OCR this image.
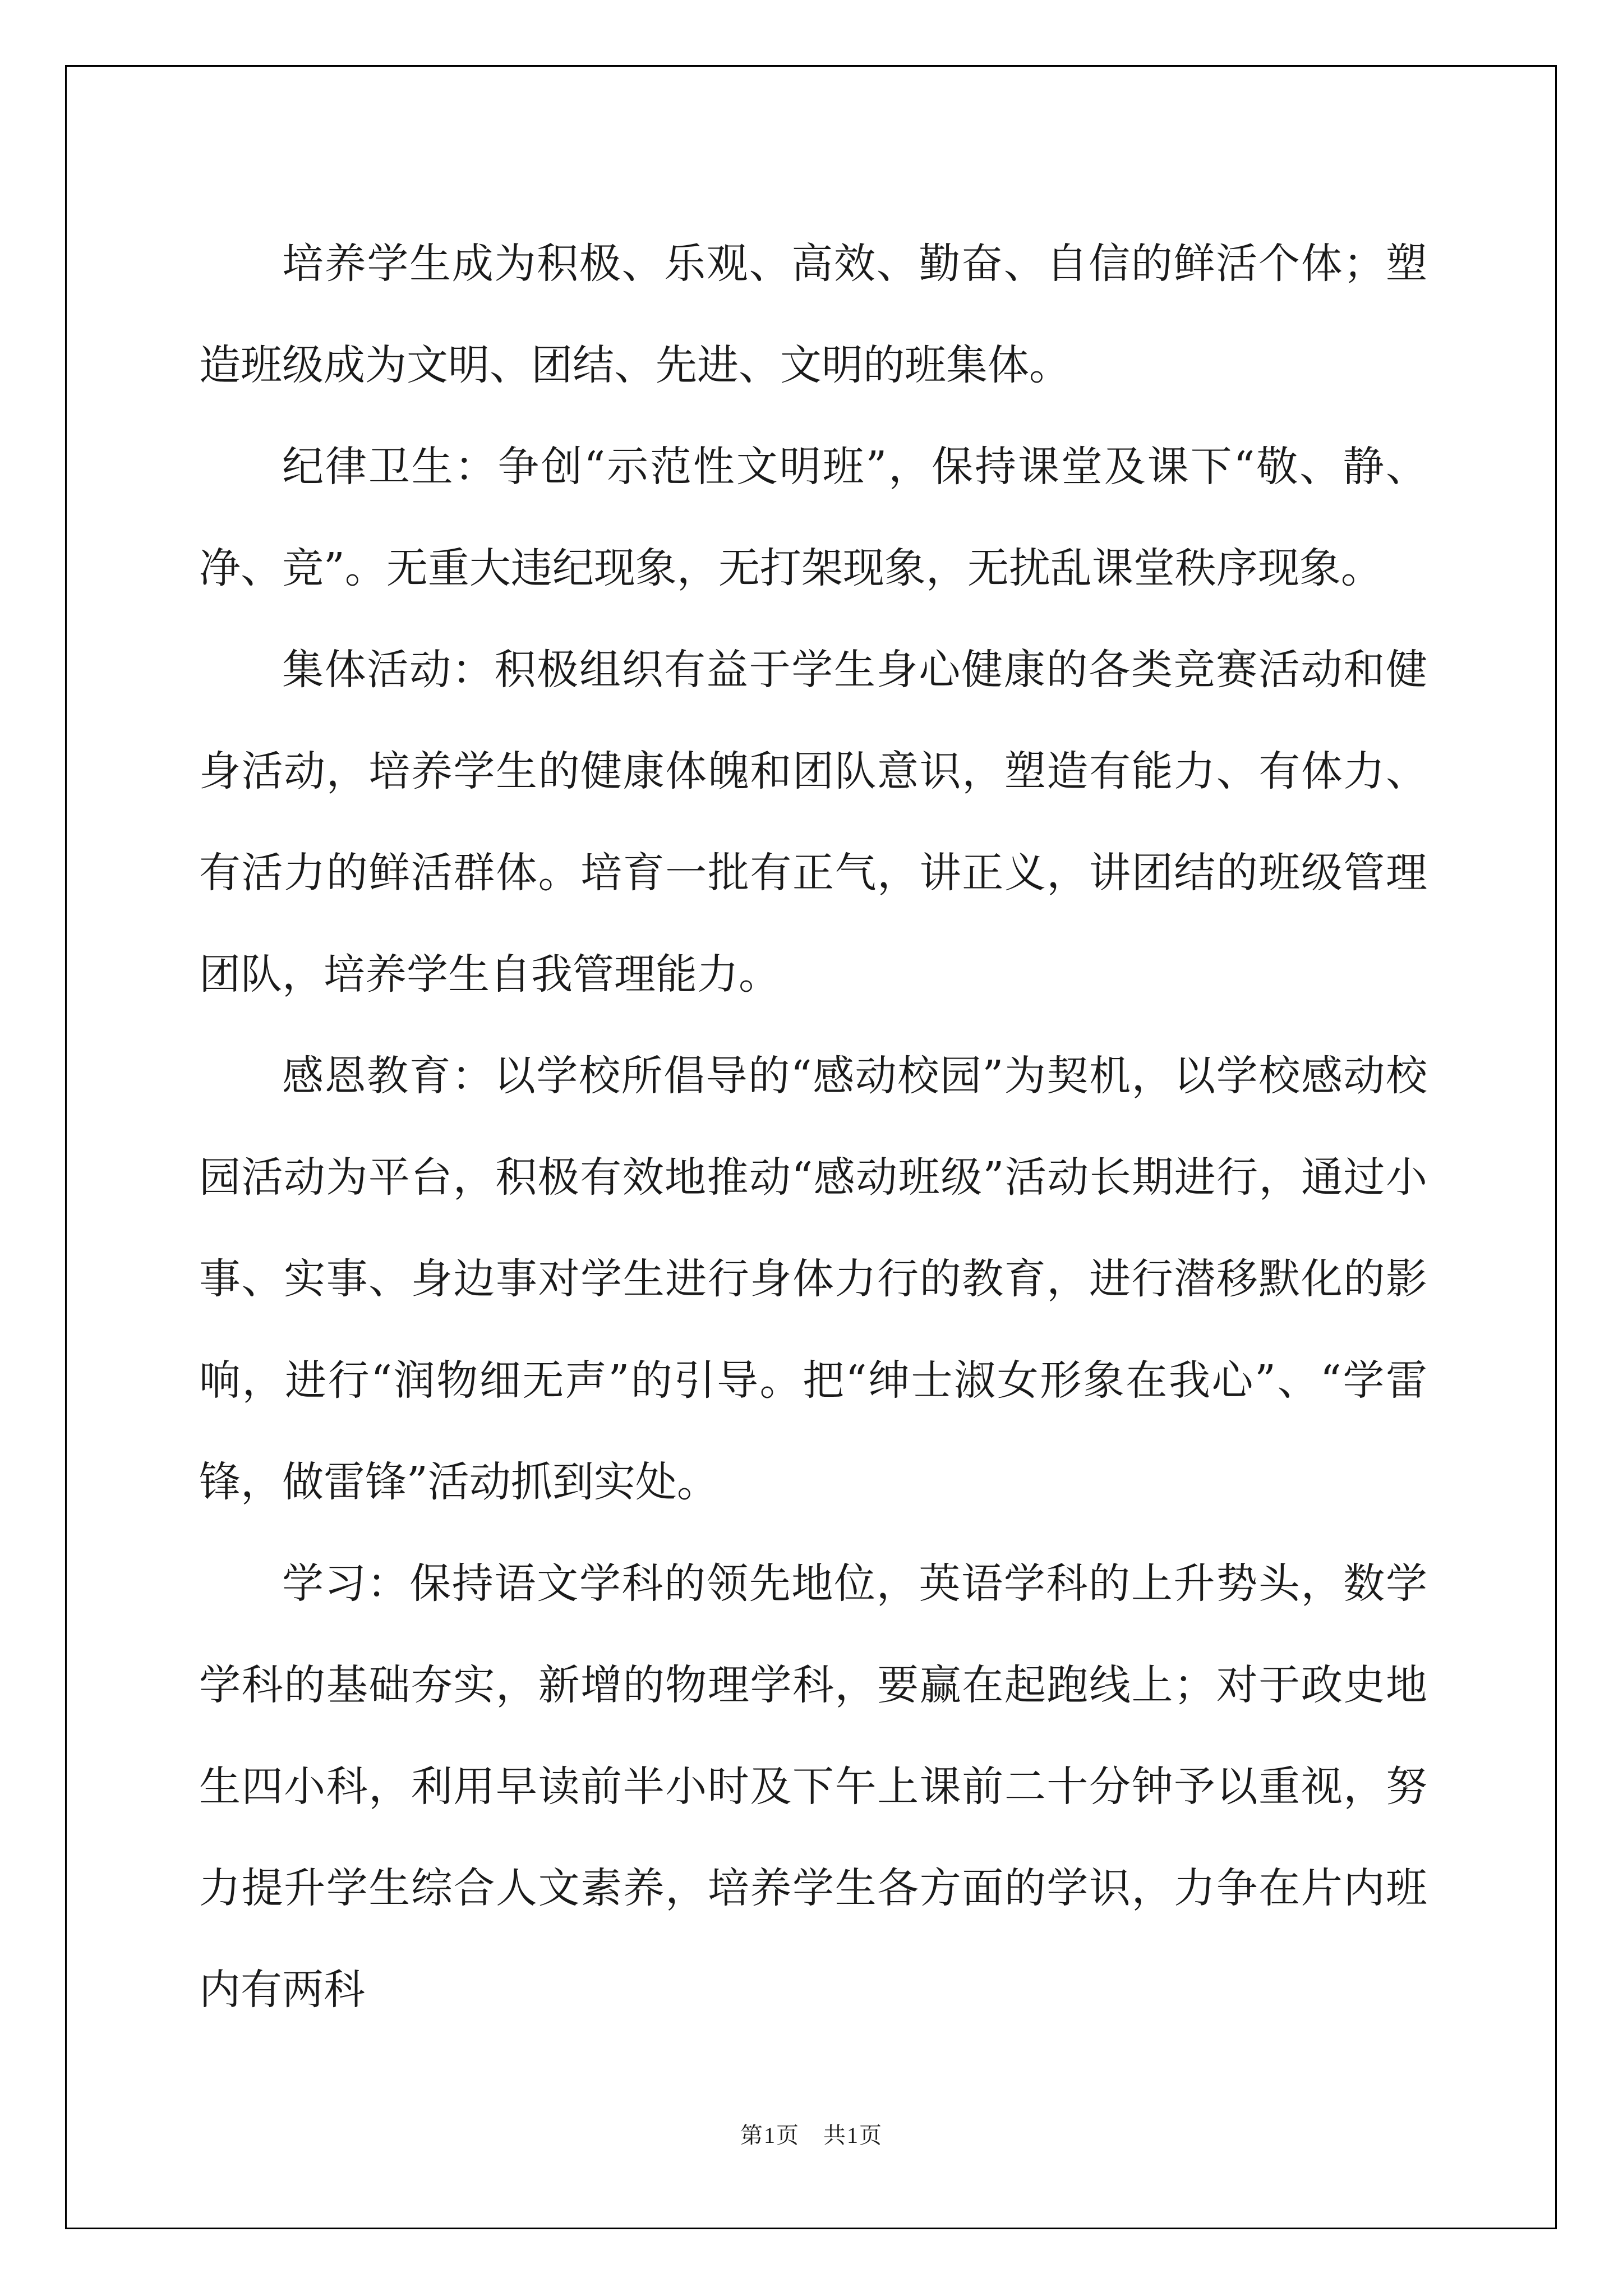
培养学生成为积极、乐观、高效、勤奋、自信的鲜活个体；塑造班级成为文明、团结、先进、文明的班集体。

纪律卫生：争创“示范性文明班”，保持课堂及课下“敬、静、净、竞”。无重大违纪现象，无打架现象，无扰乱课堂秩序现象。

集体活动：积极组织有益于学生身心健康的各类竞赛活动和健身活动，培养学生的健康体魄和团队意识，塑造有能力、有体力、有活力的鲜活群体。培育一批有正气，讲正义，讲团结的班级管理团队，培养学生自我管理能力。

感恩教育：以学校所倡导的“感动校园”为契机，以学校感动校园活动为平台，积极有效地推动“感动班级”活动长期进行，通过小事、实事、身边事对学生进行身体力行的教育，进行潜移默化的影响，进行“润物细无声”的引导。把“绅士淑女形象在我心”、“学雷锋，做雷锋”活动抓到实处。

学习：保持语文学科的领先地位，英语学科的上升势头，数学学科的基础夯实，新增的物理学科，要赢在起跑线上；对于政史地生四小科，利用早读前半小时及下午上课前二十分钟予以重视，努力提升学生综合人文素养，培养学生各方面的学识，力争在片内班内有两科

第1页　共1页
